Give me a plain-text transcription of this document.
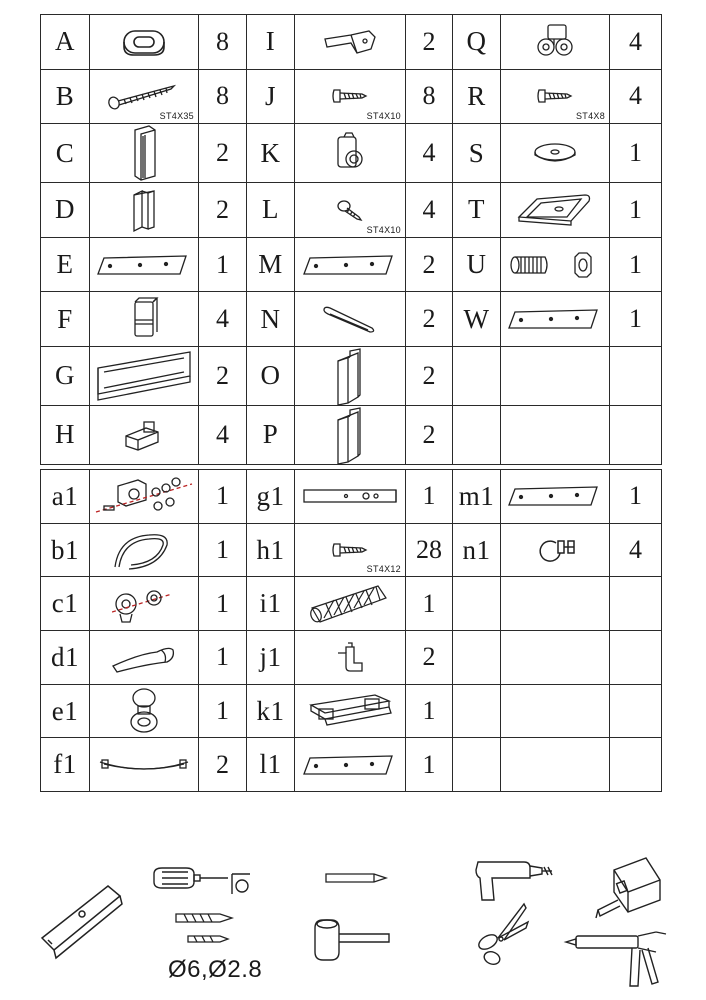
A		8	I		2	Q		4
B	ST4X35	8	J	ST4X10	8	R	ST4X8	4
C		2	K		4	S		1
D		2	L	ST4X10	4	T		1
E		1	M		2	U		1
F		4	N		2	W		1
G		2	O		2			
H		4	P		2			
a1		1	g1		1	m1		1
b1		1	h1	ST4X12	28	n1		4
c1		1	i1		1			
d1		1	j1		2			
e1		1	k1		1			
f1		2	l1		1			
Ø6,Ø2.8
